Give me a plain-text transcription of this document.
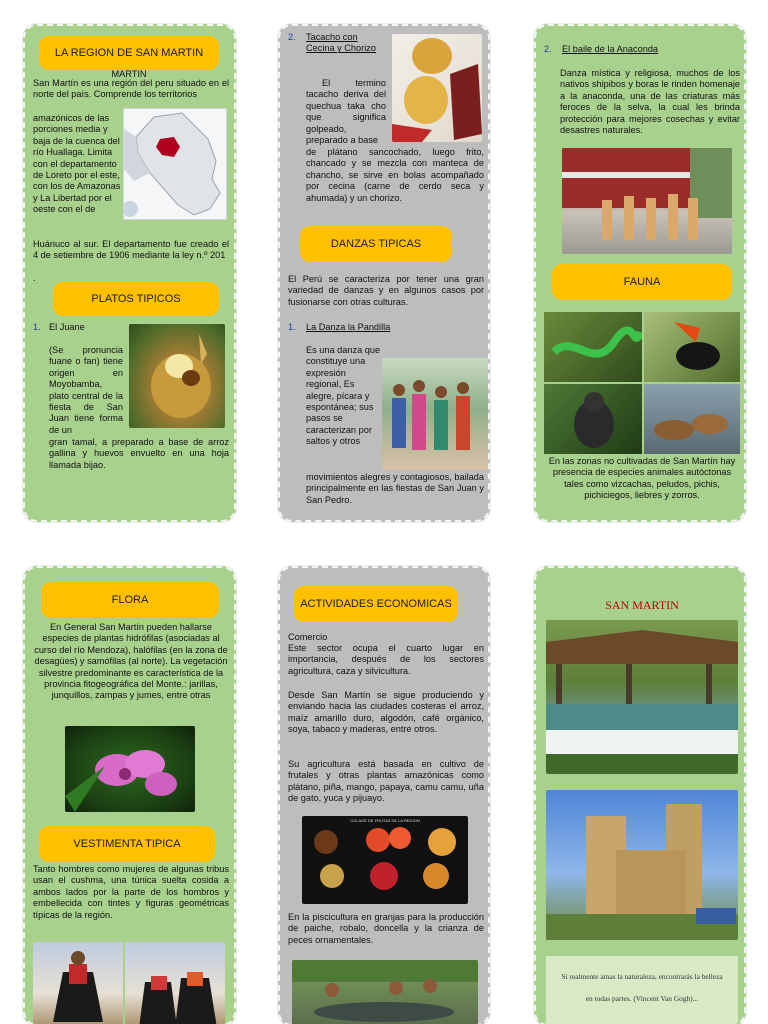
LA REGION DE SAN MARTIN
MARTIN
San Martín es una región del peru situado en el norte del país. Comprende los territorios
amazónicos de las porciones media y baja de la cuenca del río Huallaga. Limita con el departamento de Loreto por el este, con los de Amazonas y La Libertad por el oeste con el de
Huánuco al sur. El departamento fue creado el 4 de setiembre de 1906 mediante la ley n.º 201
.
PLATOS TIPICOS
1. El Juane
(Se pronuncia fuane o fan) tiene origen en Moyobamba, plato central de la fiesta de San Juan tiene forma de un
gran tamal, a preparado a base de arroz gallina y huevos envuelto en una hoja llamada bijao.
2. Tacacho con Cecina y Chorizo
El termino tacacho deriva del quechua taka cho que significa golpeado, preparado a base
de plátano sancochado, luego frito, chancado y se mezcla con manteca de chancho, se sirve en bolas acompañado por cecina (carne de cerdo seca y ahumada) y un chorizo.
DANZAS TIPICAS
El Perú se caracteriza por tener una gran variedad de danzas y en algunos casos por fusionarse con otras culturas.
1. La Danza la Pandilla
Es una danza que constituye una expresión regional, Es alegre, pícara y espontánea; sus pasos se caracterizan por saltos y otros
movimientos alegres y contagiosos, bailada principalmente en las fiestas de San Juan y San Pedro.
2. El baile de la Anaconda
Danza mística y religiosa, muchos de los nativos shipibos y boras le rinden homenaje a la anaconda, una de las criaturas más feroces de la selva, la cual les brinda protección para mejores cosechas y evitar desastres naturales.
FAUNA
En las zonas no cultivadas de San Martín hay presencia de especies animales autóctonas tales como vizcachas, peludos, pichis, pichiciegos, liebres y zorros.
FLORA
En General San Martín pueden hallarse especies de plantas hidrófilas (asociadas al curso del río Mendoza), halófilas (en la zona de desagües) y samófilas (al norte). La vegetación silvestre predominante es característica de la provincia fitogeográfica del Monte.: jarillas, junquillos, zampas y jumes, entre otras
VESTIMENTA TIPICA
Tanto hombres como mujeres de algunas tribus usan el cushma, una túnica suelta cosida a ambos lados por la parte de los hombros y embellecida con tintes y figuras geométricas típicas de la región.
ACTIVIDADES ECONOMICAS
Comercio
Este sector ocupa el cuarto lugar en importancia, después de los sectores agricultura, caza y silvicultura.
Desde San Martín se sigue produciendo y enviando hacia las ciudades costeras el arroz, maíz amarillo duro, algodón, café orgánico, soya, tabaco y maderas, entre otros.
Su agricultura está basada en cultivo de frutales y otras plantas amazónicas como plátano, piña, mango, papaya, camu camu, uña de gato, yuca y pijuayo.
COLAGE DE FRUTAS DE LA REGION
En la piscicultura en granjas para la producción de paiche, robalo, doncella y la crianza de peces ornamentales.
SAN MARTIN
Si realmente amas la naturaleza, encontrarás la belleza
en todas partes. (Vincent Van Gogh)...
